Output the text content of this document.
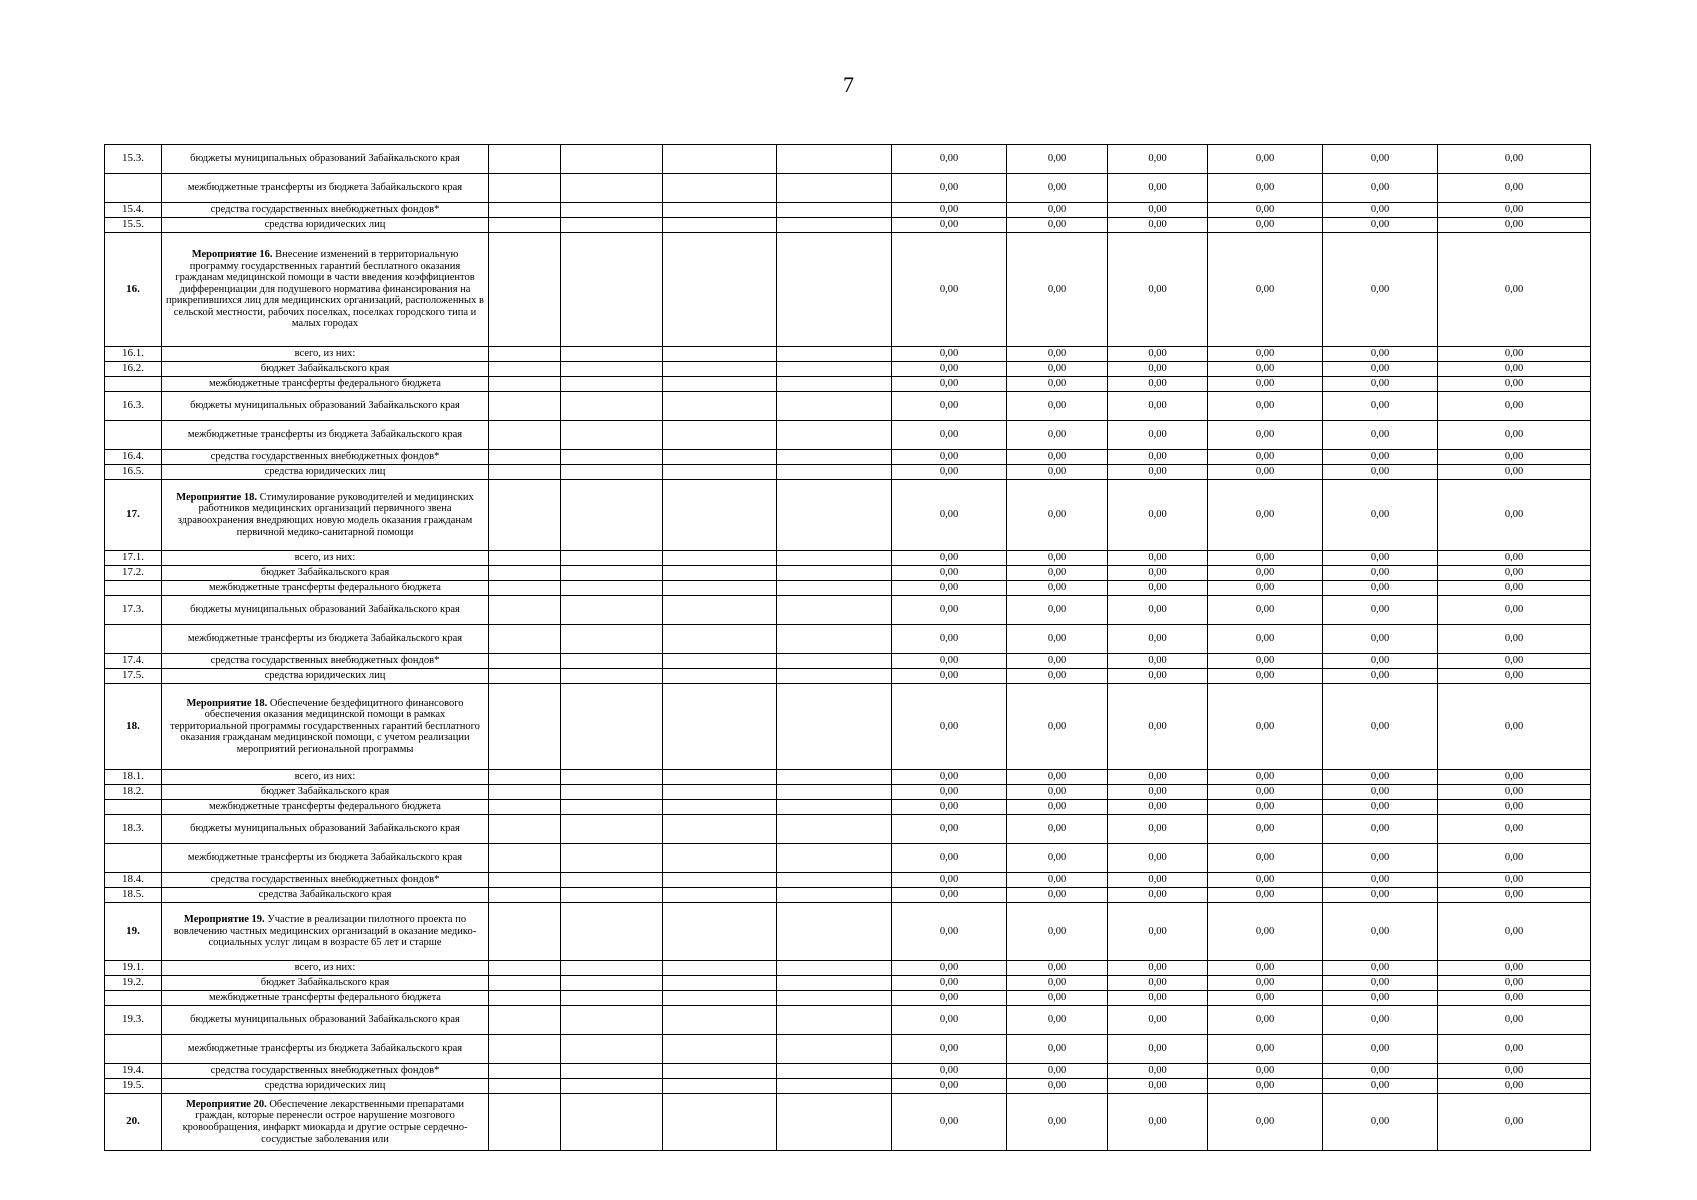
7
15.3.	бюджеты муниципальных образований Забайкальского края					0,00	0,00	0,00	0,00	0,00	0,00
	межбюджетные трансферты из бюджета Забайкальского края					0,00	0,00	0,00	0,00	0,00	0,00
15.4.	средства государственных внебюджетных фондов*					0,00	0,00	0,00	0,00	0,00	0,00
15.5.	средства юридических лиц					0,00	0,00	0,00	0,00	0,00	0,00
16.	Мероприятие 16. Внесение изменений в территориальную программу государственных гарантий бесплатного оказания гражданам медицинской помощи в части введения коэффициентов дифференциации для подушевого норматива финансирования на прикрепившихся лиц для медицинских организаций, расположенных в сельской местности, рабочих поселках, поселках городского типа и малых городах					0,00	0,00	0,00	0,00	0,00	0,00
16.1.	всего, из них:					0,00	0,00	0,00	0,00	0,00	0,00
16.2.	бюджет Забайкальского края					0,00	0,00	0,00	0,00	0,00	0,00
	межбюджетные трансферты федерального бюджета					0,00	0,00	0,00	0,00	0,00	0,00
16.3.	бюджеты муниципальных образований Забайкальского края					0,00	0,00	0,00	0,00	0,00	0,00
	межбюджетные трансферты из бюджета Забайкальского края					0,00	0,00	0,00	0,00	0,00	0,00
16.4.	средства государственных внебюджетных фондов*					0,00	0,00	0,00	0,00	0,00	0,00
16.5.	средства юридических лиц					0,00	0,00	0,00	0,00	0,00	0,00
17.	Мероприятие 18. Стимулирование руководителей и медицинских работников медицинских организаций первичного звена здравоохранения внедряющих новую модель оказания гражданам первичной медико-санитарной помощи					0,00	0,00	0,00	0,00	0,00	0,00
17.1.	всего, из них:					0,00	0,00	0,00	0,00	0,00	0,00
17.2.	бюджет Забайкальского края					0,00	0,00	0,00	0,00	0,00	0,00
	межбюджетные трансферты федерального бюджета					0,00	0,00	0,00	0,00	0,00	0,00
17.3.	бюджеты муниципальных образований Забайкальского края					0,00	0,00	0,00	0,00	0,00	0,00
	межбюджетные трансферты из бюджета Забайкальского края					0,00	0,00	0,00	0,00	0,00	0,00
17.4.	средства государственных внебюджетных фондов*					0,00	0,00	0,00	0,00	0,00	0,00
17.5.	средства юридических лиц					0,00	0,00	0,00	0,00	0,00	0,00
18.	Мероприятие 18. Обеспечение бездефицитного финансового обеспечения оказания медицинской помощи в рамках территориальной программы государственных гарантий бесплатного оказания гражданам медицинской помощи, с учетом реализации мероприятий региональной программы					0,00	0,00	0,00	0,00	0,00	0,00
18.1.	всего, из них:					0,00	0,00	0,00	0,00	0,00	0,00
18.2.	бюджет Забайкальского края					0,00	0,00	0,00	0,00	0,00	0,00
	межбюджетные трансферты федерального бюджета					0,00	0,00	0,00	0,00	0,00	0,00
18.3.	бюджеты муниципальных образований Забайкальского края					0,00	0,00	0,00	0,00	0,00	0,00
	межбюджетные трансферты из бюджета Забайкальского края					0,00	0,00	0,00	0,00	0,00	0,00
18.4.	средства государственных внебюджетных фондов*					0,00	0,00	0,00	0,00	0,00	0,00
18.5.	средства Забайкальского края					0,00	0,00	0,00	0,00	0,00	0,00
19.	Мероприятие 19. Участие в реализации пилотного проекта по вовлечению частных медицинских организаций в оказание медико-социальных услуг лицам в возрасте 65 лет и старше					0,00	0,00	0,00	0,00	0,00	0,00
19.1.	всего, из них:					0,00	0,00	0,00	0,00	0,00	0,00
19.2.	бюджет Забайкальского края					0,00	0,00	0,00	0,00	0,00	0,00
	межбюджетные трансферты федерального бюджета					0,00	0,00	0,00	0,00	0,00	0,00
19.3.	бюджеты муниципальных образований Забайкальского края					0,00	0,00	0,00	0,00	0,00	0,00
	межбюджетные трансферты из бюджета Забайкальского края					0,00	0,00	0,00	0,00	0,00	0,00
19.4.	средства государственных внебюджетных фондов*					0,00	0,00	0,00	0,00	0,00	0,00
19.5.	средства юридических лиц					0,00	0,00	0,00	0,00	0,00	0,00
20.	Мероприятие 20. Обеспечение лекарственными препаратами граждан, которые перенесли острое нарушение мозгового кровообращения, инфаркт миокарда и другие острые сердечно-сосудистые заболевания или					0,00	0,00	0,00	0,00	0,00	0,00
